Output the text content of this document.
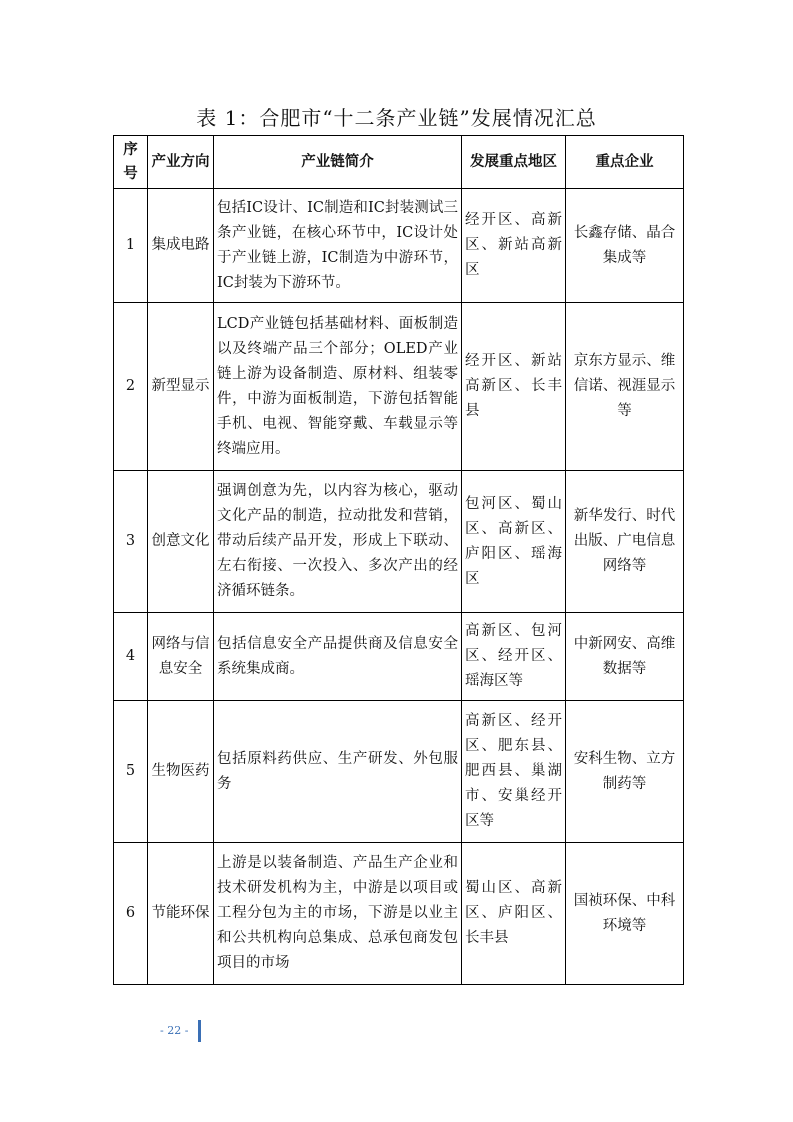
表 1：合肥市“十二条产业链”发展情况汇总
序号	产业方向	产业链简介	发展重点地区	重点企业
1	集成电路	包括IC设计、IC制造和IC封装测试三条产业链，在核心环节中，IC设计处于产业链上游，IC制造为中游环节，IC封装为下游环节。	经开区、高新区、新站高新区	长鑫存储、晶合集成等
2	新型显示	LCD产业链包括基础材料、面板制造以及终端产品三个部分；OLED产业链上游为设备制造、原材料、组装零件，中游为面板制造，下游包括智能手机、电视、智能穿戴、车载显示等终端应用。	经开区、新站高新区、长丰县	京东方显示、维信诺、视涯显示等
3	创意文化	强调创意为先，以内容为核心，驱动文化产品的制造，拉动批发和营销，带动后续产品开发，形成上下联动、左右衔接、一次投入、多次产出的经济循环链条。	包河区、蜀山区、高新区、庐阳区、瑶海区	新华发行、时代出版、广电信息网络等
4	网络与信息安全	包括信息安全产品提供商及信息安全系统集成商。	高新区、包河区、经开区、瑶海区等	中新网安、高维数据等
5	生物医药	包括原料药供应、生产研发、外包服务	高新区、经开区、肥东县、肥西县、巢湖市、安巢经开区等	安科生物、立方制药等
6	节能环保	上游是以装备制造、产品生产企业和技术研发机构为主，中游是以项目或工程分包为主的市场，下游是以业主和公共机构向总集成、总承包商发包项目的市场	蜀山区、高新区、庐阳区、长丰县	国祯环保、中科环境等
- 22 -
